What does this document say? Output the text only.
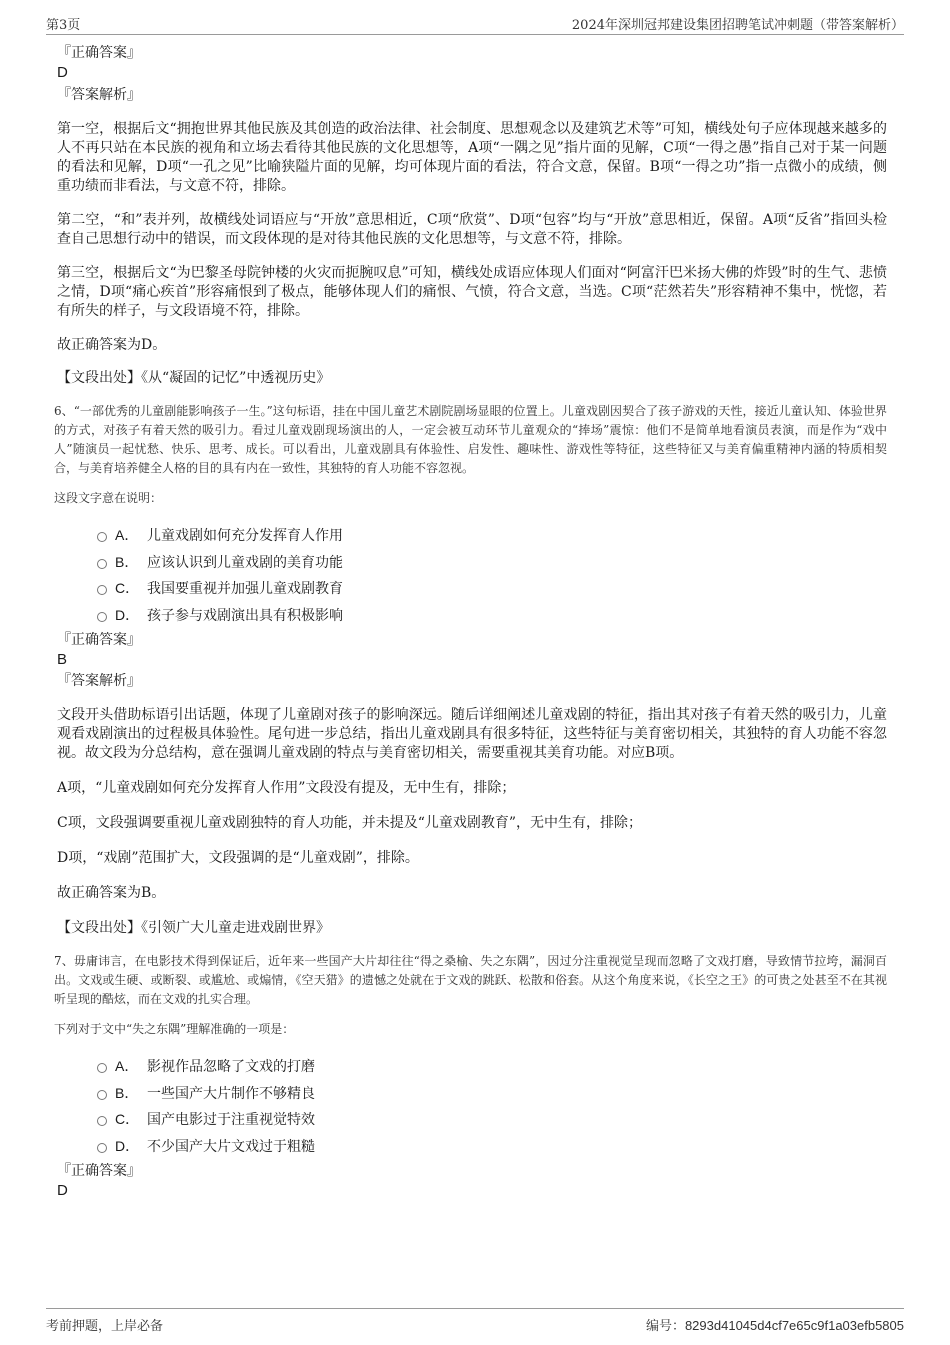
第3页	2024年深圳冠邦建设集团招聘笔试冲刺题（带答案解析）

『正确答案』

D

『答案解析』

第一空，根据后文“拥抱世界其他民族及其创造的政治法律、社会制度、思想观念以及建筑艺术等”可知，横线处句子应体现越来越多的人不再只站在本民族的视角和立场去看待其他民族的文化思想等，A项“一隅之见”指片面的见解，C项“一得之愚”指自己对于某一问题的看法和见解，D项“一孔之见”比喻狭隘片面的见解，均可体现片面的看法，符合文意，保留。B项“一得之功”指一点微小的成绩，侧重功绩而非看法，与文意不符，排除。

第二空，“和”表并列，故横线处词语应与“开放”意思相近，C项“欣赏”、D项“包容”均与“开放”意思相近，保留。A项“反省”指回头检查自己思想行动中的错误，而文段体现的是对待其他民族的文化思想等，与文意不符，排除。

第三空，根据后文“为巴黎圣母院钟楼的火灾而扼腕叹息”可知，横线处成语应体现人们面对“阿富汗巴米扬大佛的炸毁”时的生气、悲愤之情，D项“痛心疾首”形容痛恨到了极点，能够体现人们的痛恨、气愤，符合文意，当选。C项“茫然若失”形容精神不集中，恍惚，若有所失的样子，与文段语境不符，排除。

故正确答案为D。

【文段出处】《从“凝固的记忆”中透视历史》

6、“一部优秀的儿童剧能影响孩子一生。”这句标语，挂在中国儿童艺术剧院剧场显眼的位置上。儿童戏剧因契合了孩子游戏的天性，接近儿童认知、体验世界的方式，对孩子有着天然的吸引力。看过儿童戏剧现场演出的人，一定会被互动环节儿童观众的“捧场”震惊：他们不是简单地看演员表演，而是作为“戏中人”随演员一起忧愁、快乐、思考、成长。可以看出，儿童戏剧具有体验性、启发性、趣味性、游戏性等特征，这些特征又与美育偏重精神内涵的特质相契合，与美育培养健全人格的目的具有内在一致性，其独特的育人功能不容忽视。

这段文字意在说明：

A． 儿童戏剧如何充分发挥育人作用
B． 应该认识到儿童戏剧的美育功能
C． 我国要重视并加强儿童戏剧教育
D． 孩子参与戏剧演出具有积极影响

『正确答案』

B

『答案解析』

文段开头借助标语引出话题，体现了儿童剧对孩子的影响深远。随后详细阐述儿童戏剧的特征，指出其对孩子有着天然的吸引力，儿童观看戏剧演出的过程极具体验性。尾句进一步总结，指出儿童戏剧具有很多特征，这些特征与美育密切相关，其独特的育人功能不容忽视。故文段为分总结构，意在强调儿童戏剧的特点与美育密切相关，需要重视其美育功能。对应B项。

A项，“儿童戏剧如何充分发挥育人作用”文段没有提及，无中生有，排除；

C项，文段强调要重视儿童戏剧独特的育人功能，并未提及“儿童戏剧教育”，无中生有，排除；

D项，“戏剧”范围扩大，文段强调的是“儿童戏剧”，排除。

故正确答案为B。

【文段出处】《引领广大儿童走进戏剧世界》

7、毋庸讳言，在电影技术得到保证后，近年来一些国产大片却往往“得之桑榆、失之东隅”，因过分注重视觉呈现而忽略了文戏打磨，导致情节拉垮，漏洞百出。文戏或生硬、或断裂、或尴尬、或煽情，《空天猎》的遗憾之处就在于文戏的跳跃、松散和俗套。从这个角度来说，《长空之王》的可贵之处甚至不在其视听呈现的酷炫，而在文戏的扎实合理。

下列对于文中“失之东隅”理解准确的一项是：

A． 影视作品忽略了文戏的打磨
B． 一些国产大片制作不够精良
C． 国产电影过于注重视觉特效
D． 不少国产大片文戏过于粗糙

『正确答案』

D

考前押题，上岸必备	编号：8293d41045d4cf7e65c9f1a03efb5805
